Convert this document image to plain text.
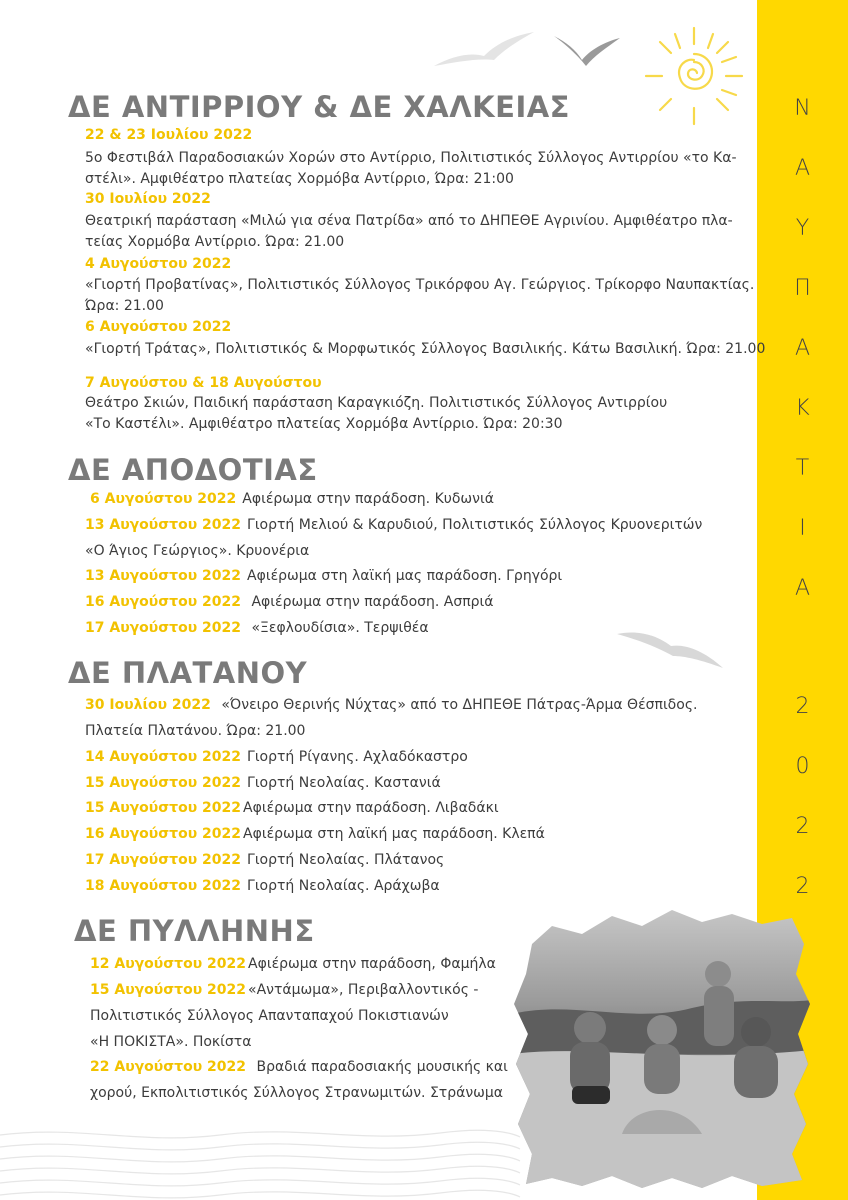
Ν
Α
Υ
Π
Α
Κ
Τ
Ι
Α
2
0
2
2
ΔΕ ΑΝΤΙΡΡΙΟΥ & ΔΕ ΧΑΛΚΕΙΑΣ
22 & 23 Ιουλίου 2022
5ο Φεστιβάλ Παραδοσιακών Χορών στο Αντίρριο, Πολιτιστικός Σύλλογος Αντιρρίου «το Κα-
στέλι». Αμφιθέατρο πλατείας Χορμόβα Αντίρριο, Ώρα: 21:00
30 Ιουλίου 2022
Θεατρική παράσταση «Μιλώ για σένα Πατρίδα» από το ΔΗΠΕΘΕ Αγρινίου. Αμφιθέατρο πλα-
τείας Χορμόβα Αντίρριο. Ώρα: 21.00
4 Αυγούστου 2022
«Γιορτή Προβατίνας», Πολιτιστικός Σύλλογος Τρικόρφου Αγ. Γεώργιος. Τρίκορφο Ναυπακτίας.
Ώρα: 21.00
6 Αυγούστου 2022
«Γιορτή Τράτας», Πολιτιστικός & Μορφωτικός Σύλλογος Βασιλικής. Κάτω Βασιλική. Ώρα: 21.00
7 Αυγούστου & 18 Αυγούστου
Θεάτρο Σκιών, Παιδική παράσταση Καραγκιόζη. Πολιτιστικός Σύλλογος Αντιρρίου
«Το Καστέλι». Αμφιθέατρο πλατείας Χορμόβα Αντίρριο. Ώρα: 20:30
ΔΕ ΑΠΟΔΟΤΙΑΣ
6 Αυγούστου 2022 Αφιέρωμα στην παράδοση. Κυδωνιά
13 Αυγούστου 2022 Γιορτή Μελιού & Καρυδιού, Πολιτιστικός Σύλλογος Κρυονεριτών
«Ο Άγιος Γεώργιος». Κρυονέρια
13 Αυγούστου 2022 Αφιέρωμα στη λαϊκή μας παράδοση. Γρηγόρι
16 Αυγούστου 2022 Αφιέρωμα στην παράδοση. Ασπριά
17 Αυγούστου 2022 «Ξεφλουδίσια». Τερψιθέα
ΔΕ ΠΛΑΤΑΝΟΥ
30 Ιουλίου 2022 «Όνειρο Θερινής Νύχτας» από το ΔΗΠΕΘΕ Πάτρας-Άρμα Θέσπιδος.
Πλατεία Πλατάνου. Ώρα: 21.00
14 Αυγούστου 2022 Γιορτή Ρίγανης. Αχλαδόκαστρο
15 Αυγούστου 2022 Γιορτή Νεολαίας. Καστανιά
15 Αυγούστου 2022 Αφιέρωμα στην παράδοση. Λιβαδάκι
16 Αυγούστου 2022 Αφιέρωμα στη λαϊκή μας παράδοση. Κλεπά
17 Αυγούστου 2022 Γιορτή Νεολαίας. Πλάτανος
18 Αυγούστου 2022 Γιορτή Νεολαίας. Αράχωβα
ΔΕ ΠΥΛΛΗΝΗΣ
12 Αυγούστου 2022 Αφιέρωμα στην παράδοση, Φαμήλα
15 Αυγούστου 2022 «Αντάμωμα», Περιβαλλοντικός -
Πολιτιστικός Σύλλογος Απανταπαχού Ποκιστιανών
«Η ΠΟΚΙΣΤΑ». Ποκίστα
22 Αυγούστου 2022 Βραδιά παραδοσιακής μουσικής και
χορού, Εκπολιτιστικός Σύλλογος Στρανωμιτών. Στράνωμα
